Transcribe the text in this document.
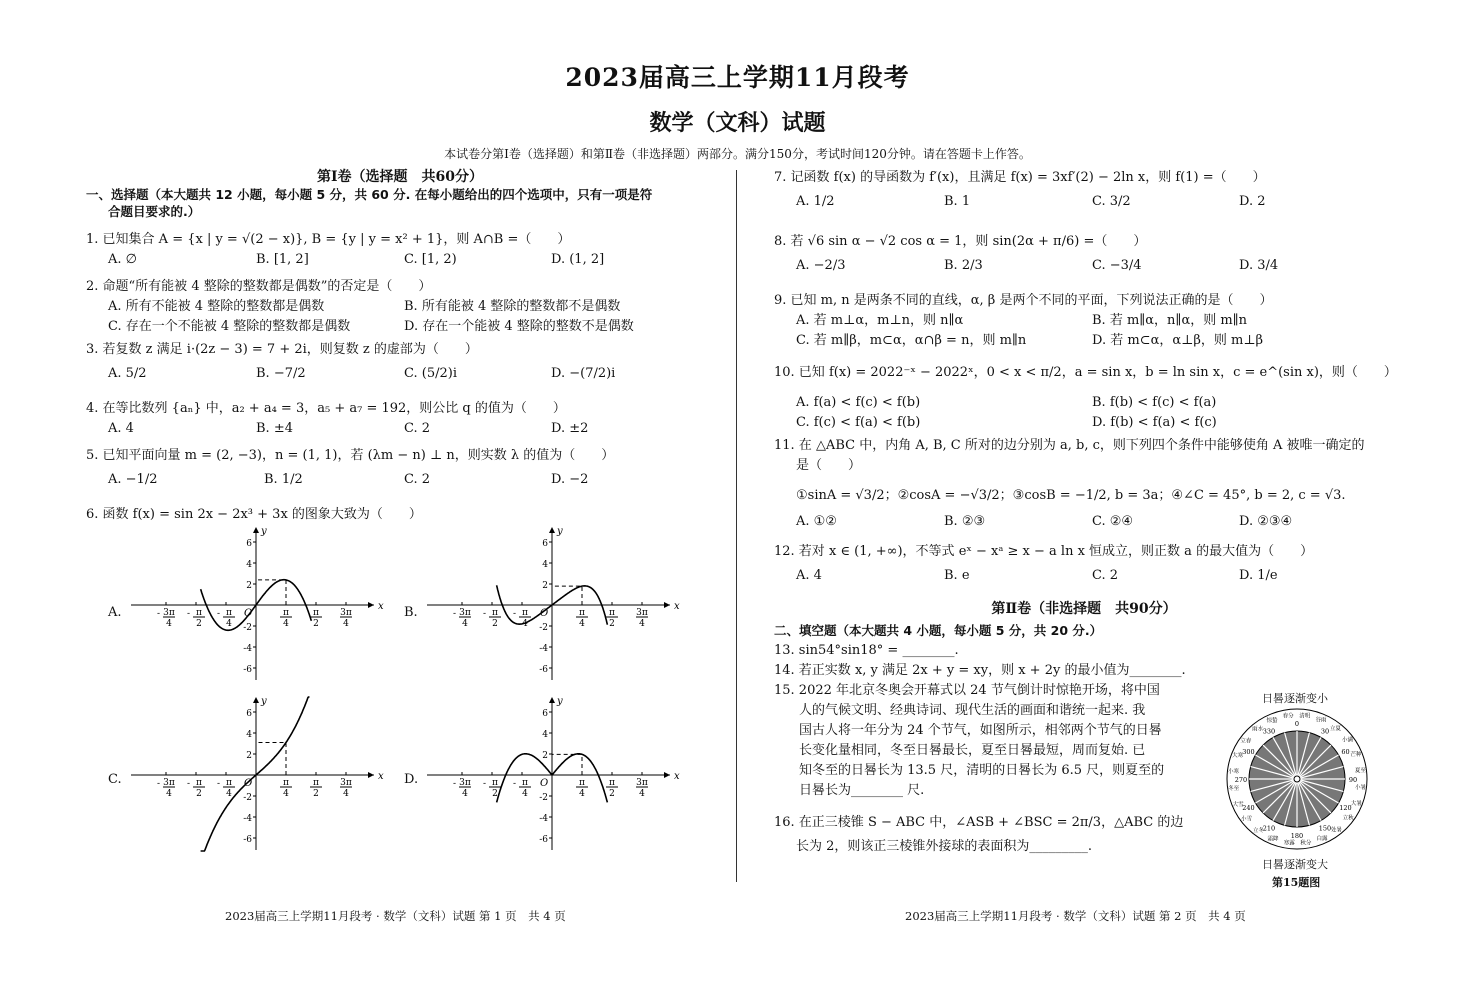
2023届高三上学期11月段考
数学（文科）试题
本试卷分第Ⅰ卷（选择题）和第Ⅱ卷（非选择题）两部分。满分150分，考试时间120分钟。请在答题卡上作答。
第Ⅰ卷（选择题　共60分）
一、选择题（本大题共 12 小题，每小题 5 分，共 60 分. 在每小题给出的四个选项中，只有一项是符
合题目要求的.）
1. 已知集合 A = {x | y = √(2 − x)}, B = {y | y = x² + 1}，则 A∩B =（　　）
A. ∅	B. [1, 2]	C. [1, 2)	D. (1, 2]
2. 命题“所有能被 4 整除的整数都是偶数”的否定是（　　）
A. 所有不能被 4 整除的整数都是偶数	B. 所有能被 4 整除的整数都不是偶数
C. 存在一个不能被 4 整除的整数都是偶数	D. 存在一个能被 4 整除的整数不是偶数
3. 若复数 z 满足 i·(2z − 3) = 7 + 2i，则复数 z 的虚部为（　　）
A. 5/2	B. −7/2	C. (5/2)i	D. −(7/2)i
4. 在等比数列 {aₙ} 中，a₂ + a₄ = 3，a₅ + a₇ = 192，则公比 q 的值为（　　）
A. 4	B. ±4	C. 2	D. ±2
5. 已知平面向量 m = (2, −3)，n = (1, 1)，若 (λm − n) ⊥ n，则实数 λ 的值为（　　）
A. −1/2	B. 1/2	C. 2	D. −2
6. 函数 f(x) = sin 2x − 2x³ + 3x 的图象大致为（　　）
A.	B.
C.	D.
x
y
O
6
4
2
-2
-4
-6
- 3π
4
- π
2
- π
4
π
4
π
2
3π
4
x
y
O
6
4
2
-2
-4
-6
- 3π
4
- π
2
- π
4
π
4
π
2
3π
4
x
y
O
6
4
2
-2
-4
-6
- 3π
4
- π
2
- π
4
π
4
π
2
3π
4
x
y
O
6
4
2
-2
-4
-6
- 3π
4
- π
2
- π
4
π
4
π
2
3π
4
7. 记函数 f(x) 的导函数为 f′(x)，且满足 f(x) = 3xf′(2) − 2ln x，则 f(1) =（　　）
A. 1/2	B. 1	C. 3/2	D. 2
8. 若 √6 sin α − √2 cos α = 1，则 sin(2α + π/6) =（　　）
A. −2/3	B. 2/3	C. −3/4	D. 3/4
9. 已知 m, n 是两条不同的直线，α, β 是两个不同的平面，下列说法正确的是（　　）
A. 若 m⊥α，m⊥n，则 n∥α	B. 若 m∥α，n∥α，则 m∥n
C. 若 m∥β，m⊂α，α∩β = n，则 m∥n	D. 若 m⊂α，α⊥β，则 m⊥β
10. 已知 f(x) = 2022⁻ˣ − 2022ˣ，0 < x < π/2，a = sin x，b = ln sin x，c = e^(sin x)，则（　　）
A. f(a) < f(c) < f(b)	B. f(b) < f(c) < f(a)
C. f(c) < f(a) < f(b)	D. f(b) < f(a) < f(c)
11. 在 △ABC 中，内角 A, B, C 所对的边分别为 a, b, c，则下列四个条件中能够使角 A 被唯一确定的
是（　　）
①sinA = √3/2；②cosA = −√3/2；③cosB = −1/2, b = 3a；④∠C = 45°, b = 2, c = √3.
A. ①②	B. ②③	C. ②④	D. ②③④
12. 若对 x ∈ (1, +∞)，不等式 eˣ − xᵃ ≥ x − a ln x 恒成立，则正数 a 的最大值为（　　）
A. 4	B. e	C. 2	D. 1/e
第Ⅱ卷（非选择题　共90分）
二、填空题（本大题共 4 小题，每小题 5 分，共 20 分.）
13. sin54°sin18° = ________.
14. 若正实数 x, y 满足 2x + y = xy，则 x + 2y 的最小值为________.
15. 2022 年北京冬奥会开幕式以 24 节气倒计时惊艳开场，将中国
人的气候文明、经典诗词、现代生活的画面和谐统一起来. 我
国古人将一年分为 24 个节气，如图所示，相邻两个节气的日晷
长变化量相同，冬至日晷最长，夏至日晷最短，周而复始. 已
知冬至的日晷长为 13.5 尺，清明的日晷长为 6.5 尺，则夏至的
日晷长为________ 尺.
16. 在正三棱锥 S − ABC 中，∠ASB + ∠BSC = 2π/3，△ABC 的边
长为 2，则该正三棱锥外接球的表面积为_________.
日晷逐渐变小
0
30
60
90
120
150
180
210
240
270
300
330
清明
谷雨
立夏
小满
芒种
夏至
小暑
大暑
立秋
处暑
白露
秋分
寒露
霜降
立冬
小雪
大雪
冬至
小寒
大寒
立春
雨水
惊蛰
春分
日晷逐渐变大
第15题图
2023届高三上学期11月段考 · 数学（文科）试题 第 1 页　共 4 页	2023届高三上学期11月段考 · 数学（文科）试题 第 2 页　共 4 页
